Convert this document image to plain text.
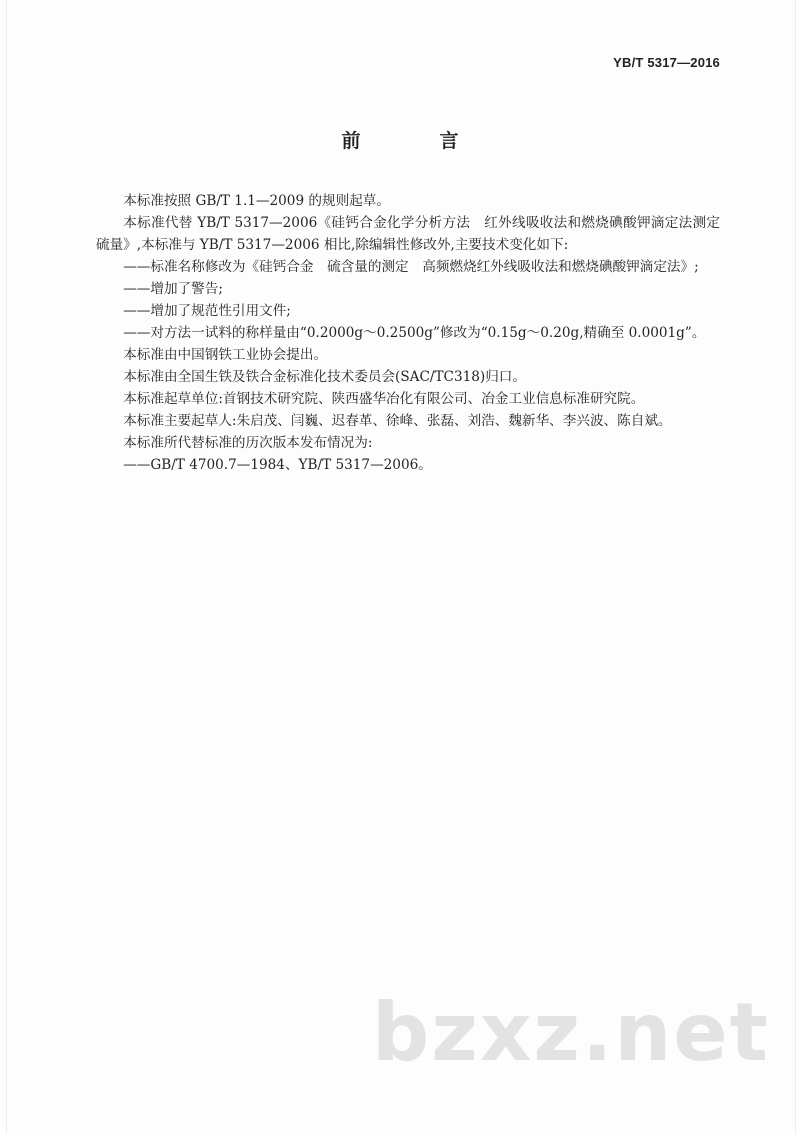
YB/T 5317—2016
前　言

本标准按照 GB/T 1.1—2009 的规则起草。

本标准代替 YB/T 5317—2006《硅钙合金化学分析方法　红外线吸收法和燃烧碘酸钾滴定法测定硫量》,本标准与 YB/T 5317—2006 相比,除编辑性修改外,主要技术变化如下:

——标准名称修改为《硅钙合金　硫含量的测定　高频燃烧红外线吸收法和燃烧碘酸钾滴定法》;

——增加了警告;

——增加了规范性引用文件;

——对方法一试料的称样量由“0.2000g～0.2500g”修改为“0.15g～0.20g,精确至 0.0001g”。

本标准由中国钢铁工业协会提出。

本标准由全国生铁及铁合金标准化技术委员会(SAC/TC318)归口。

本标准起草单位:首钢技术研究院、陕西盛华冶化有限公司、冶金工业信息标准研究院。

本标准主要起草人:朱启茂、闫巍、迟春革、徐峰、张磊、刘浩、魏新华、李兴波、陈自斌。

本标准所代替标准的历次版本发布情况为:

——GB/T 4700.7—1984、YB/T 5317—2006。

bzxz.net
